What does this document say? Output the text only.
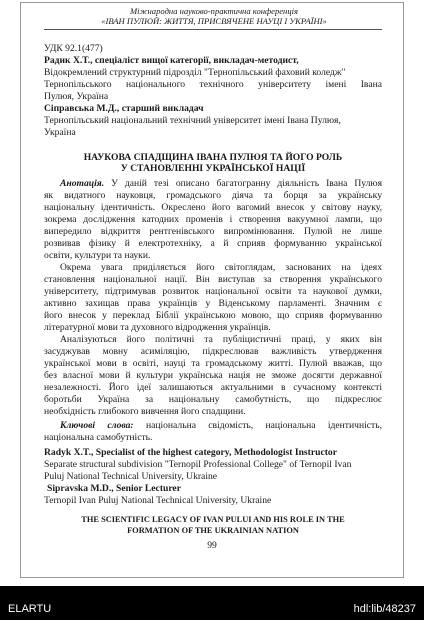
Міжнародна науково-практична конференція
«ІВАН ПУЛЮЙ: ЖИТТЯ, ПРИСВЯЧЕНЕ НАУЦІ І УКРАЇНІ»
УДК 92.1(477)
Радик Х.Т., спеціаліст вищої категорії, викладач-методист,
Відокремлений структурний підрозділ "Тернопільський фаховий коледж"
Тернопільського національного технічного університету імені Івана
Пулюя, Україна
Сіправська М.Д., старший викладач
Тернопільський національний технічний університет імені Івана Пулюя,
Україна
НАУКОВА СПАДЩИНА ІВАНА ПУЛЮЯ ТА ЙОГО РОЛЬ
У СТАНОВЛЕННІ УКРАЇНСЬКОЇ НАЦІЇ
Анотація. У даній тезі описано багатогранну діяльність Івана Пулюя
як видатного науковця, громадського діяча та борця за українську
національну ідентичність. Окреслено його вагомий внесок у світову науку,
зокрема дослідження катодних променів і створення вакуумної лампи, що
випередило відкриття рентгенівського випромінювання. Пулюй не лише
розвивав фізику й електротехніку, а й сприяв формуванню української
освіти, культури та науки.
Окрема увага приділяється його світоглядам, заснованих на ідеях
становлення національної нації. Він виступав за створення українського
університету, підтримував розвиток національної освіти та наукової думки,
активно захищав права українців у Віденському парламенті. Значним є
його внесок у переклад Біблії українською мовою, що сприяв формуванню
літературної мови та духовного відродження українців.
Аналізуються його політичні та публіцистичні праці, у яких він
засуджував мовну асиміляцію, підкреслював важливість утвердження
української мови в освіті, науці та громадському житті. Пулюй вважав, що
без власної мови й культури українська нація не зможе досягти державної
незалежності. Його ідеї залишаються актуальними в сучасному контексті
боротьби Україна за національну самобутність, що підкреслює
необхідність глибокого вивчення його спадщини.
Ключові слова: національна свідомість, національна ідентичність,
національна самобутність.
Radyk X.T., Specialist of the highest category, Methodologist Instructor
Separate structural subdivision "Ternopil Professional College" of Ternopil Ivan
Puluj National Technical University, Ukraine
Sipravska M.D., Senior Lecturer
Ternopil Ivan Puluj National Technical University, Ukraine
THE SCIENTIFIC LEGACY OF IVAN PULUI AND HIS ROLE IN THE
FORMATION OF THE UKRAINIAN NATION
99
ELARTU	hdl:lib/48237
